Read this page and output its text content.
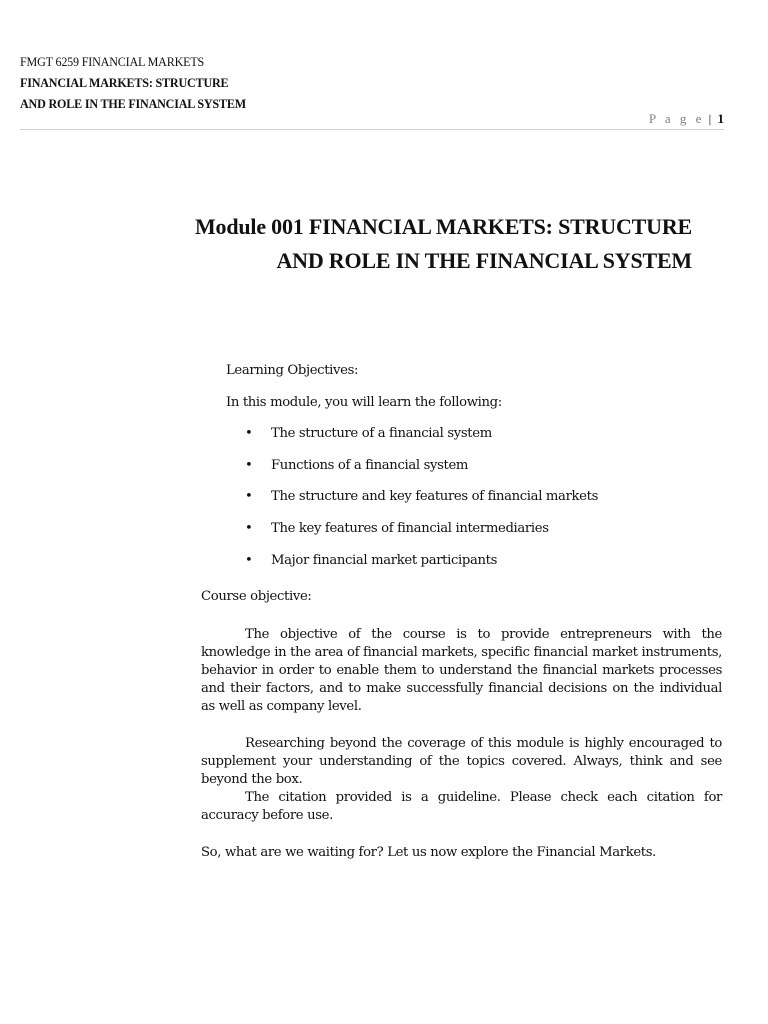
FMGT 6259 FINANCIAL MARKETS
FINANCIAL MARKETS: STRUCTURE
AND ROLE IN THE FINANCIAL SYSTEM
P a g e | 1
Module 001 FINANCIAL MARKETS: STRUCTURE
AND ROLE IN THE FINANCIAL SYSTEM
Learning Objectives:
In this module, you will learn the following:
• The structure of a financial system
• Functions of a financial system
• The structure and key features of financial markets
• The key features of financial intermediaries
• Major financial market participants
Course objective:

The objective of the course is to provide entrepreneurs with the knowledge in the area of financial markets, specific financial market instruments, behavior in order to enable them to understand the financial markets processes and their factors, and to make successfully financial decisions on the individual as well as company level.

Researching beyond the coverage of this module is highly encouraged to supplement your understanding of the topics covered. Always, think and see beyond the box.

The citation provided is a guideline. Please check each citation for accuracy before use.

So, what are we waiting for? Let us now explore the Financial Markets.
